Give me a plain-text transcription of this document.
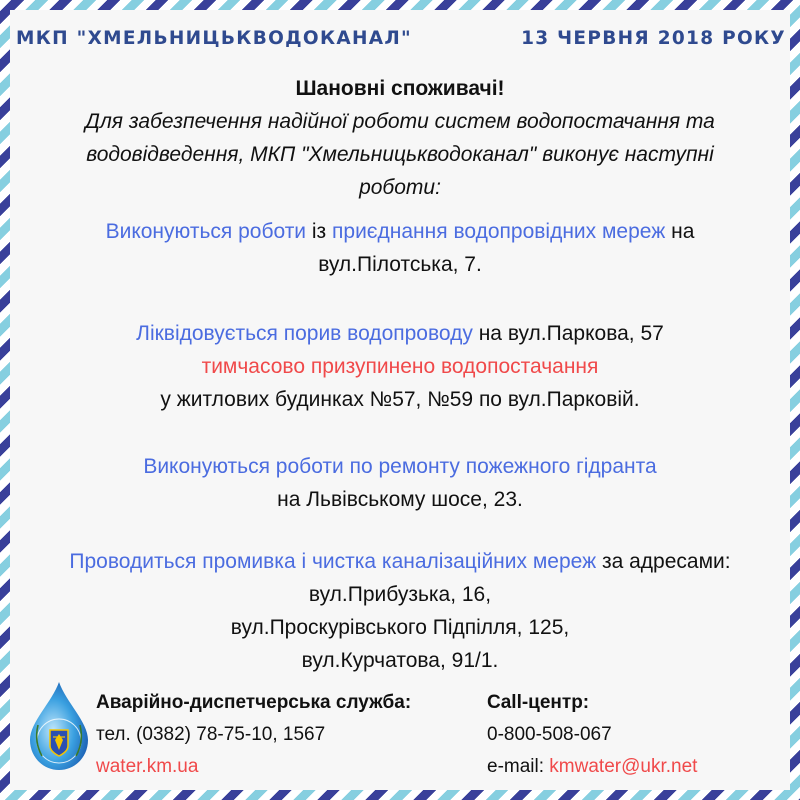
МКП "ХМЕЛЬНИЦЬКВОДОКАНАЛ"	13 ЧЕРВНЯ 2018 РОКУ
Шановні споживачі!
Для забезпечення надійної роботи систем водопостачання та
водовідведення, МКП "Хмельницькводоканал" виконує наступні
роботи:
Виконуються роботи із приєднання водопровідних мереж на
вул.Пілотська, 7.
Ліквідовується порив водопроводу на вул.Паркова, 57
тимчасово призупинено водопостачання
у житлових будинках №57, №59 по вул.Парковій.
Виконуються роботи по ремонту пожежного гідранта
на Львівському шосе, 23.
Проводиться промивка і чистка каналізаційних мереж за адресами:
вул.Прибузька, 16,
вул.Проскурівського Підпілля, 125,
вул.Курчатова, 91/1.
Аварійно-диспетчерська служба:
тел. (0382) 78-75-10, 1567
water.km.ua
Call-центр:
0-800-508-067
e-mail: kmwater@ukr.net
